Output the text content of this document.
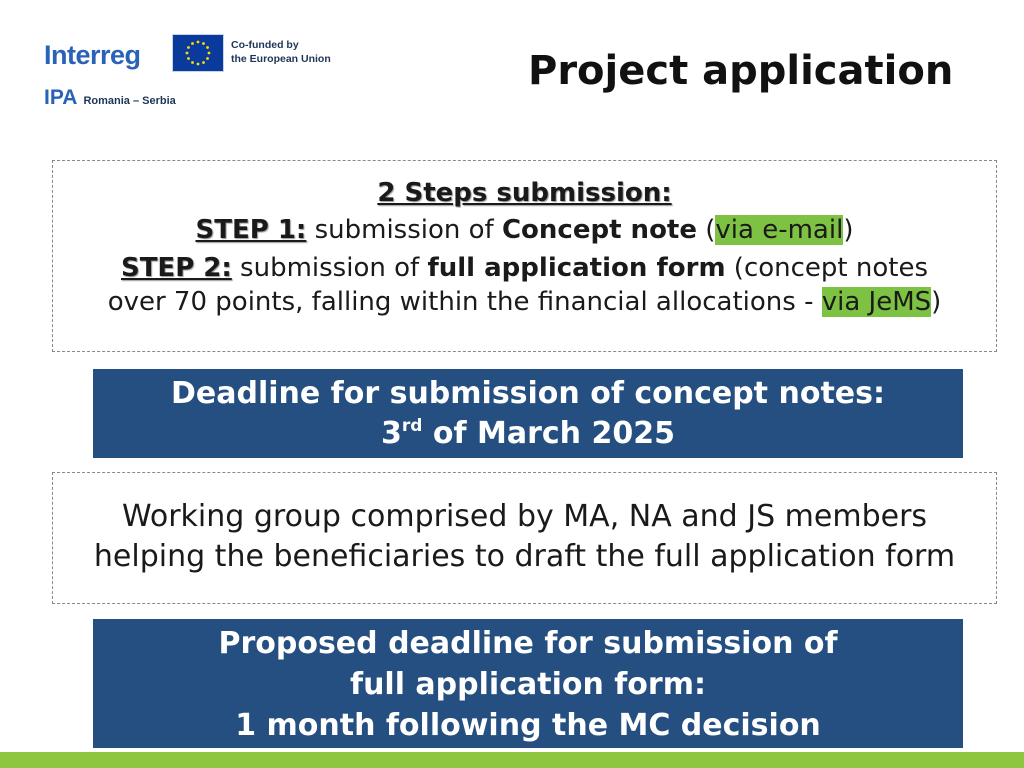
Interreg
IPA Romania – Serbia
Co-funded by
the European Union	Project application
2 Steps submission:
STEP 1: submission of Concept note (via e-mail)
STEP 2: submission of full application form (concept notes
over 70 points, falling within the financial allocations - via JeMS)
Deadline for submission of concept notes:
3rd of March 2025
Working group comprised by MA, NA and JS members
helping the beneficiaries to draft the full application form
Proposed deadline for submission of
full application form:
1 month following the MC decision
